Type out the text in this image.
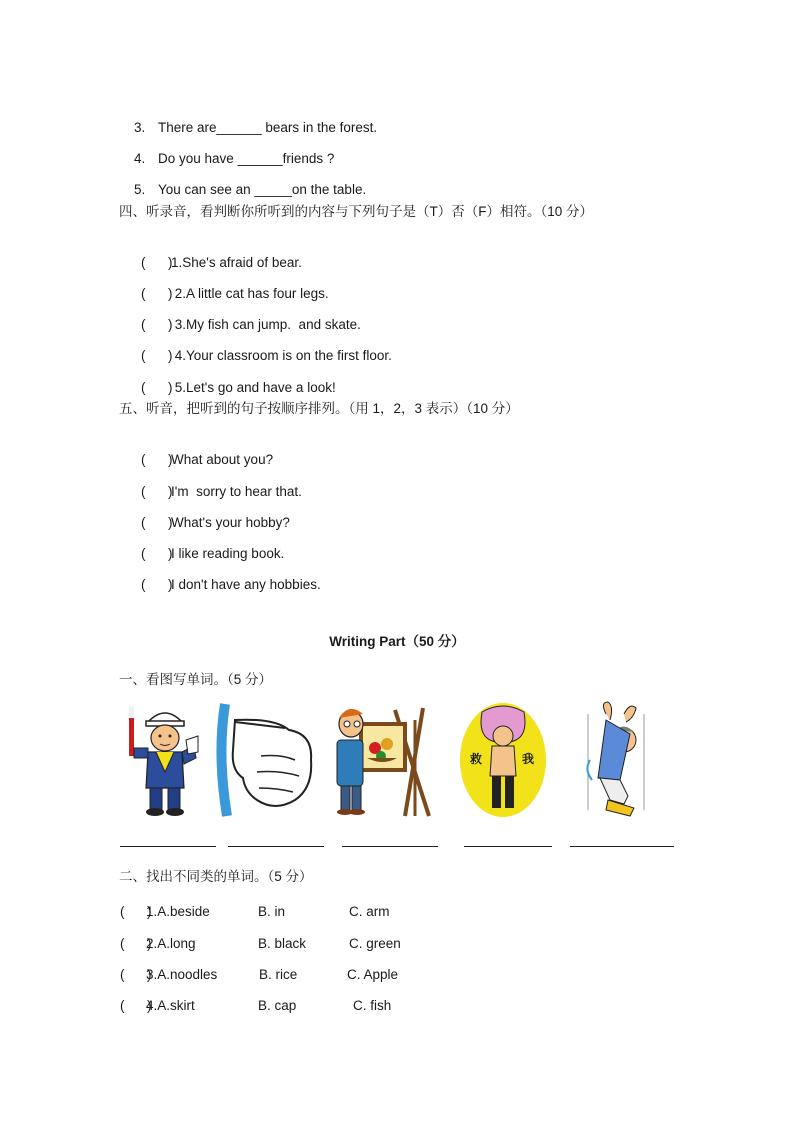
3. There are______ bears in the forest.

4. Do you have ______friends ?

5. You can see an _____on the table.

四、听录音，看判断你所听到的内容与下列句子是（T）否（F）相符。（10 分）

(      )1.She's afraid of bear.

(      ) 2.A little cat has four legs.

(      ) 3.My fish can jump.  and skate.

(      ) 4.Your classroom is on the first floor.

(      ) 5.Let's go and have a look!

五、听音，把听到的句子按顺序排列。（用 1，2，3 表示）（10 分）

(      )What about you?

(      )I'm  sorry to hear that.

(      )What's your hobby?

(      )I like reading book.

(      )I don't have any hobbies.

Writing Part（50 分）
一、看图写单词。（5 分）
救	我
二、找出不同类的单词。（5 分）
(      )
1.A.beside	B. in	C. arm
(      )
2.A.long	B. black	C. green
(      )
3.A.noodles	B. rice	C. Apple
(      )
4.A.skirt	B. cap	C. fish
